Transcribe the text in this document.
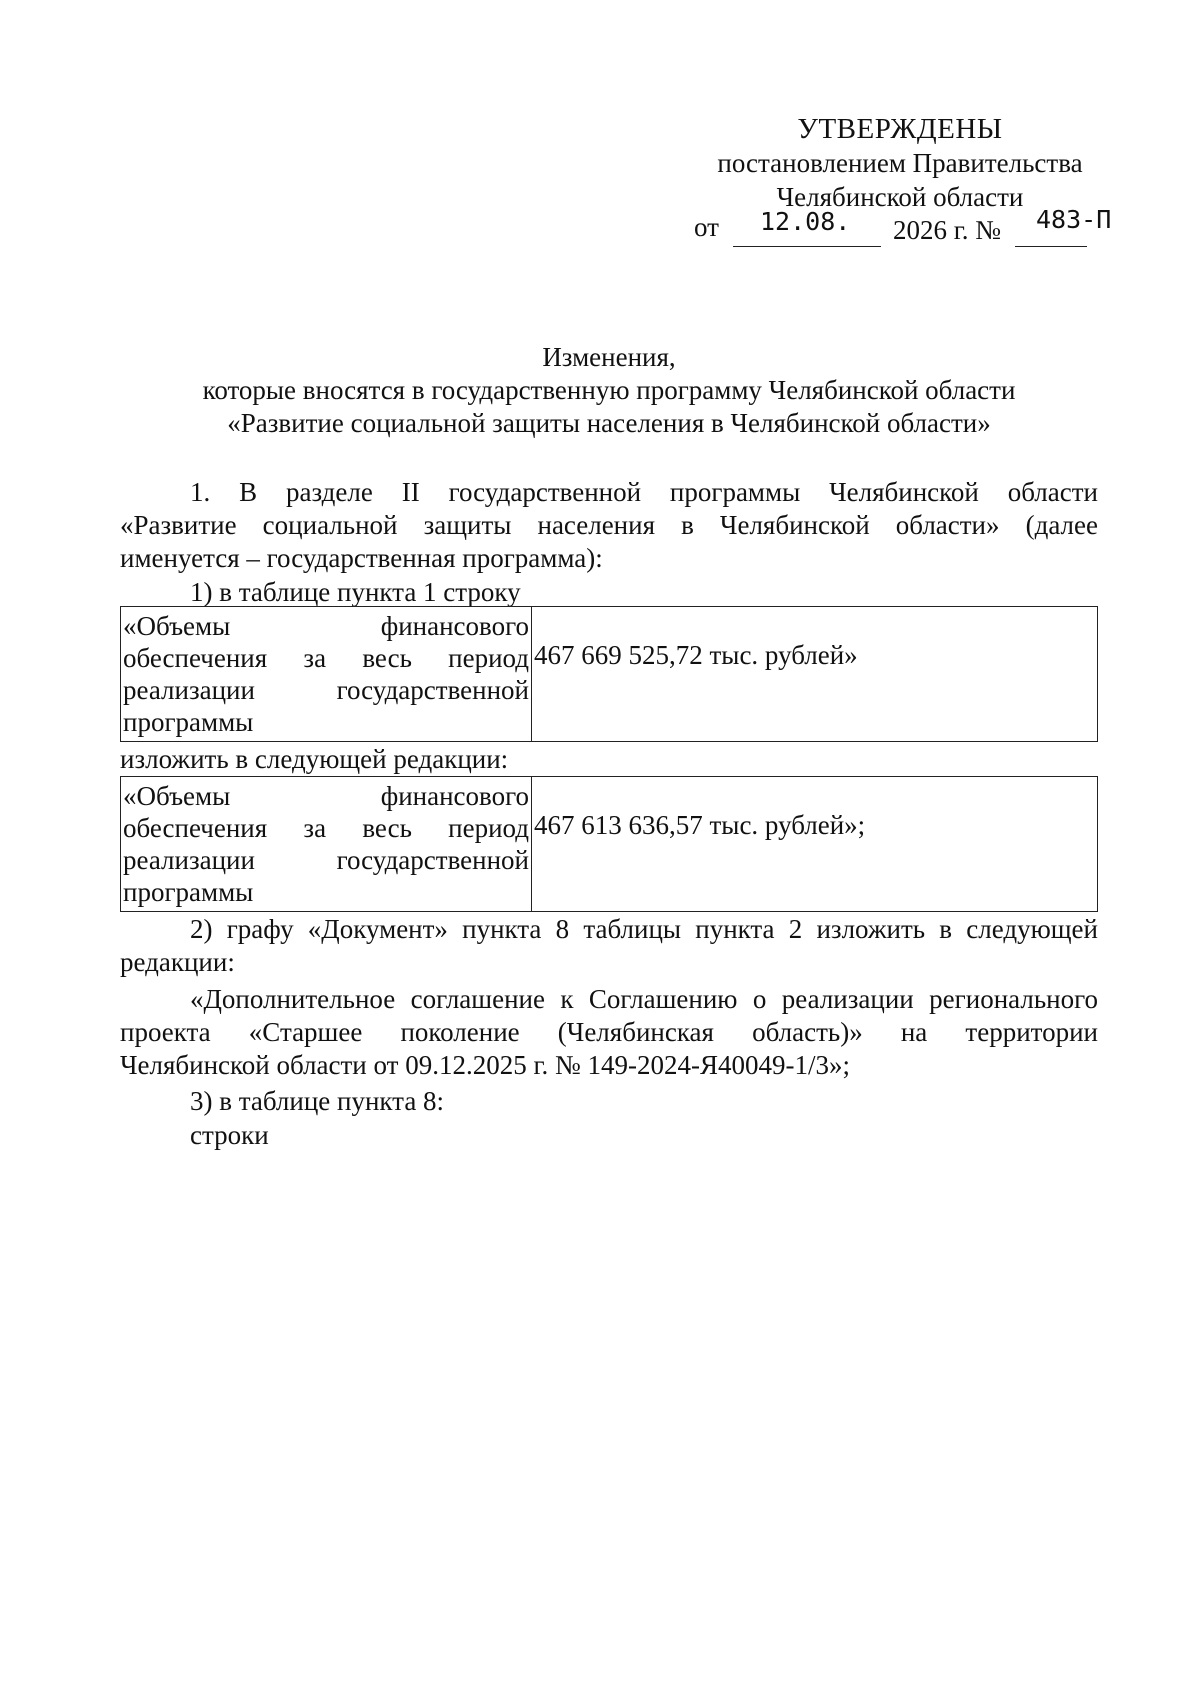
УТВЕРЖДЕНЫ
постановлением Правительства
Челябинской области
от 12.08. 2026 г. № 483-П
Изменения,
которые вносятся в государственную программу Челябинской области
«Развитие социальной защиты населения в Челябинской области»
1. В разделе II государственной программы Челябинской области
«Развитие социальной защиты населения в Челябинской области» (далее
именуется – государственная программа):
1) в таблице пункта 1 строку
«Объемы финансового
обеспечения за весь период
реализации государственной
программы
	467 669 525,72 тыс. рублей»
изложить в следующей редакции:
«Объемы финансового
обеспечения за весь период
реализации государственной
программы
	467 613 636,57 тыс. рублей»;
2) графу «Документ» пункта 8 таблицы пункта 2 изложить в следующей
редакции:
«Дополнительное соглашение к Соглашению о реализации регионального
проекта «Старшее поколение (Челябинская область)» на территории
Челябинской области от 09.12.2025 г. № 149-2024-Я40049-1/3»;
3) в таблице пункта 8:
строки
